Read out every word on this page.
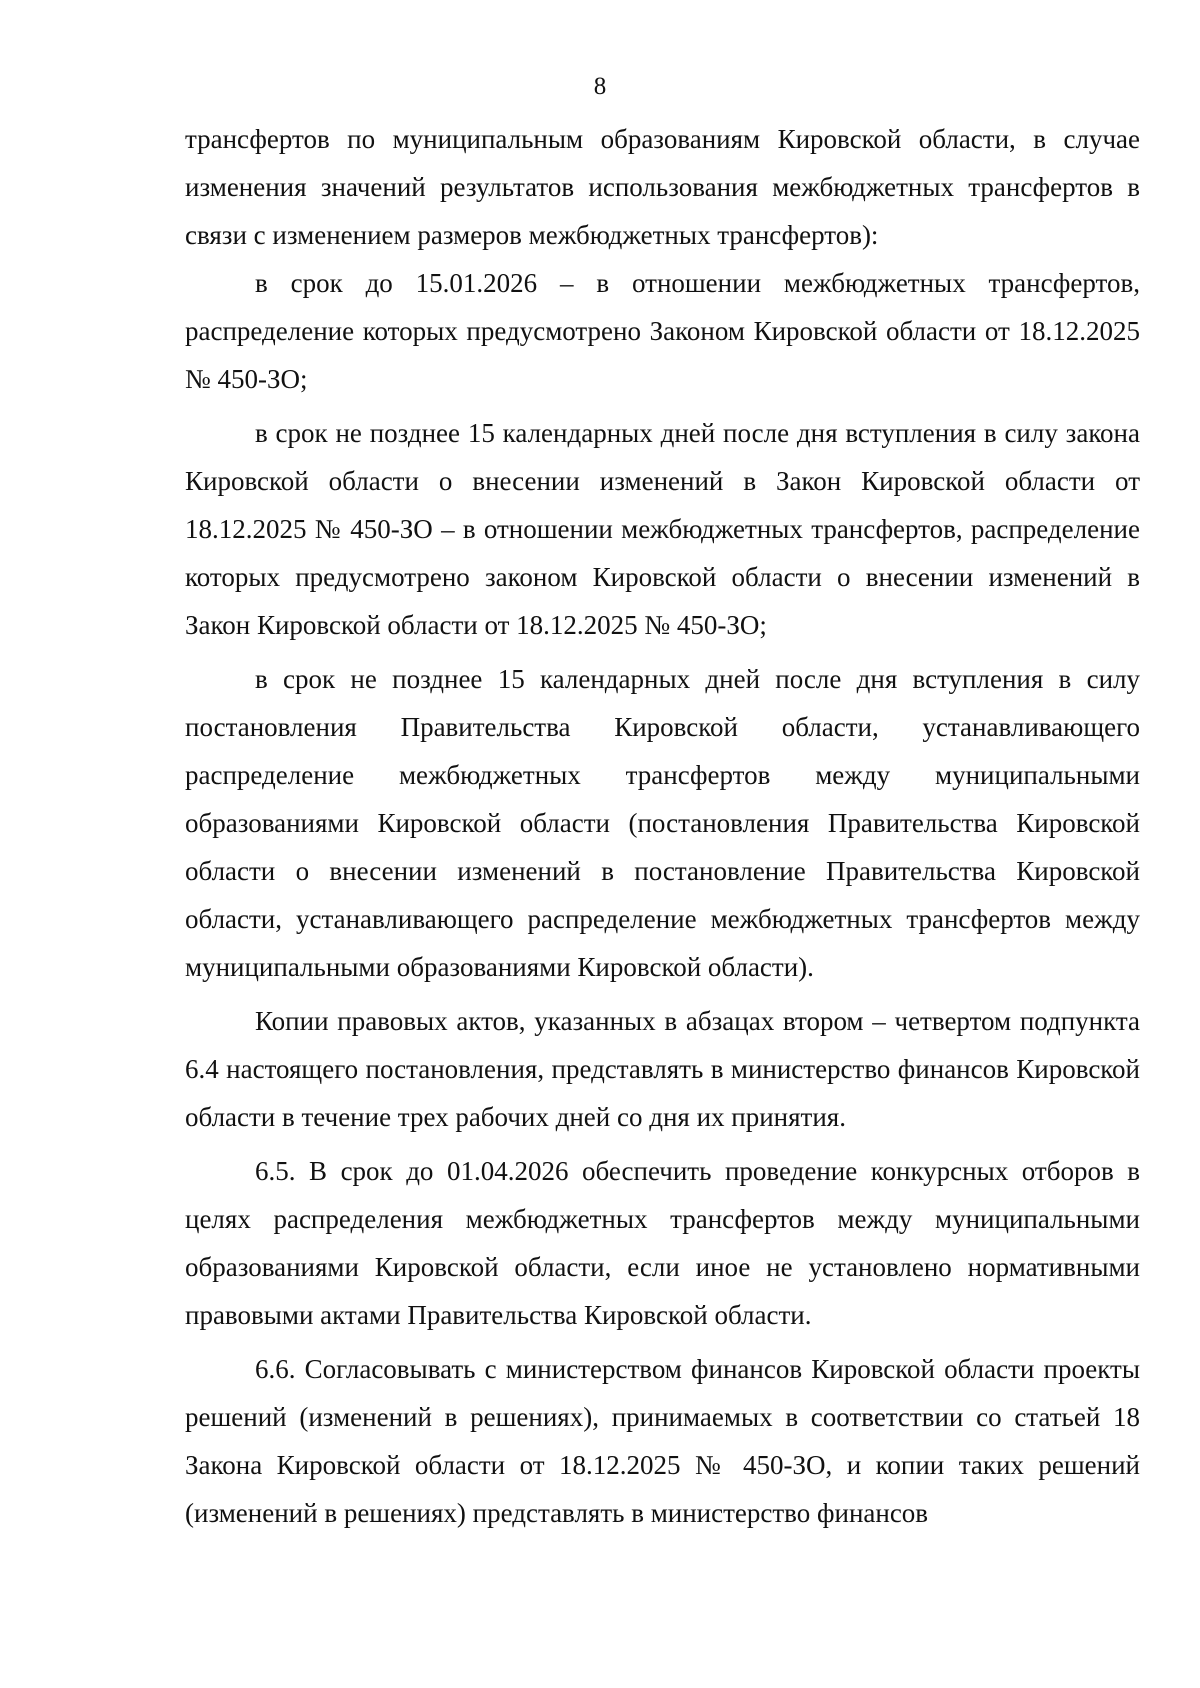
8

трансфертов по муниципальным образованиям Кировской области, в случае изменения значений результатов использования межбюджетных трансфертов в связи с изменением размеров межбюджетных трансфертов):

в срок до 15.01.2026 – в отношении межбюджетных трансфертов, распределение которых предусмотрено Законом Кировской области от 18.12.2025 № 450-ЗО;

в срок не позднее 15 календарных дней после дня вступления в силу закона Кировской области о внесении изменений в Закон Кировской области от 18.12.2025 № 450-ЗО – в отношении межбюджетных трансфертов, распределение которых предусмотрено законом Кировской области о внесении изменений в Закон Кировской области от 18.12.2025 № 450-ЗО;

в срок не позднее 15 календарных дней после дня вступления в силу постановления Правительства Кировской области, устанавливающего распределение межбюджетных трансфертов между муниципальными образованиями Кировской области (постановления Правительства Кировской области о внесении изменений в постановление Правительства Кировской области, устанавливающего распределение межбюджетных трансфертов между муниципальными образованиями Кировской области).

Копии правовых актов, указанных в абзацах втором – четвертом подпункта 6.4 настоящего постановления, представлять в министерство финансов Кировской области в течение трех рабочих дней со дня их принятия.

6.5. В срок до 01.04.2026 обеспечить проведение конкурсных отборов в целях распределения межбюджетных трансфертов между муниципальными образованиями Кировской области, если иное не установлено нормативными правовыми актами Правительства Кировской области.

6.6. Согласовывать с министерством финансов Кировской области проекты решений (изменений в решениях), принимаемых в соответствии со статьей 18 Закона Кировской области от 18.12.2025 № 450-ЗО, и копии таких решений (изменений в решениях) представлять в министерство финансов
